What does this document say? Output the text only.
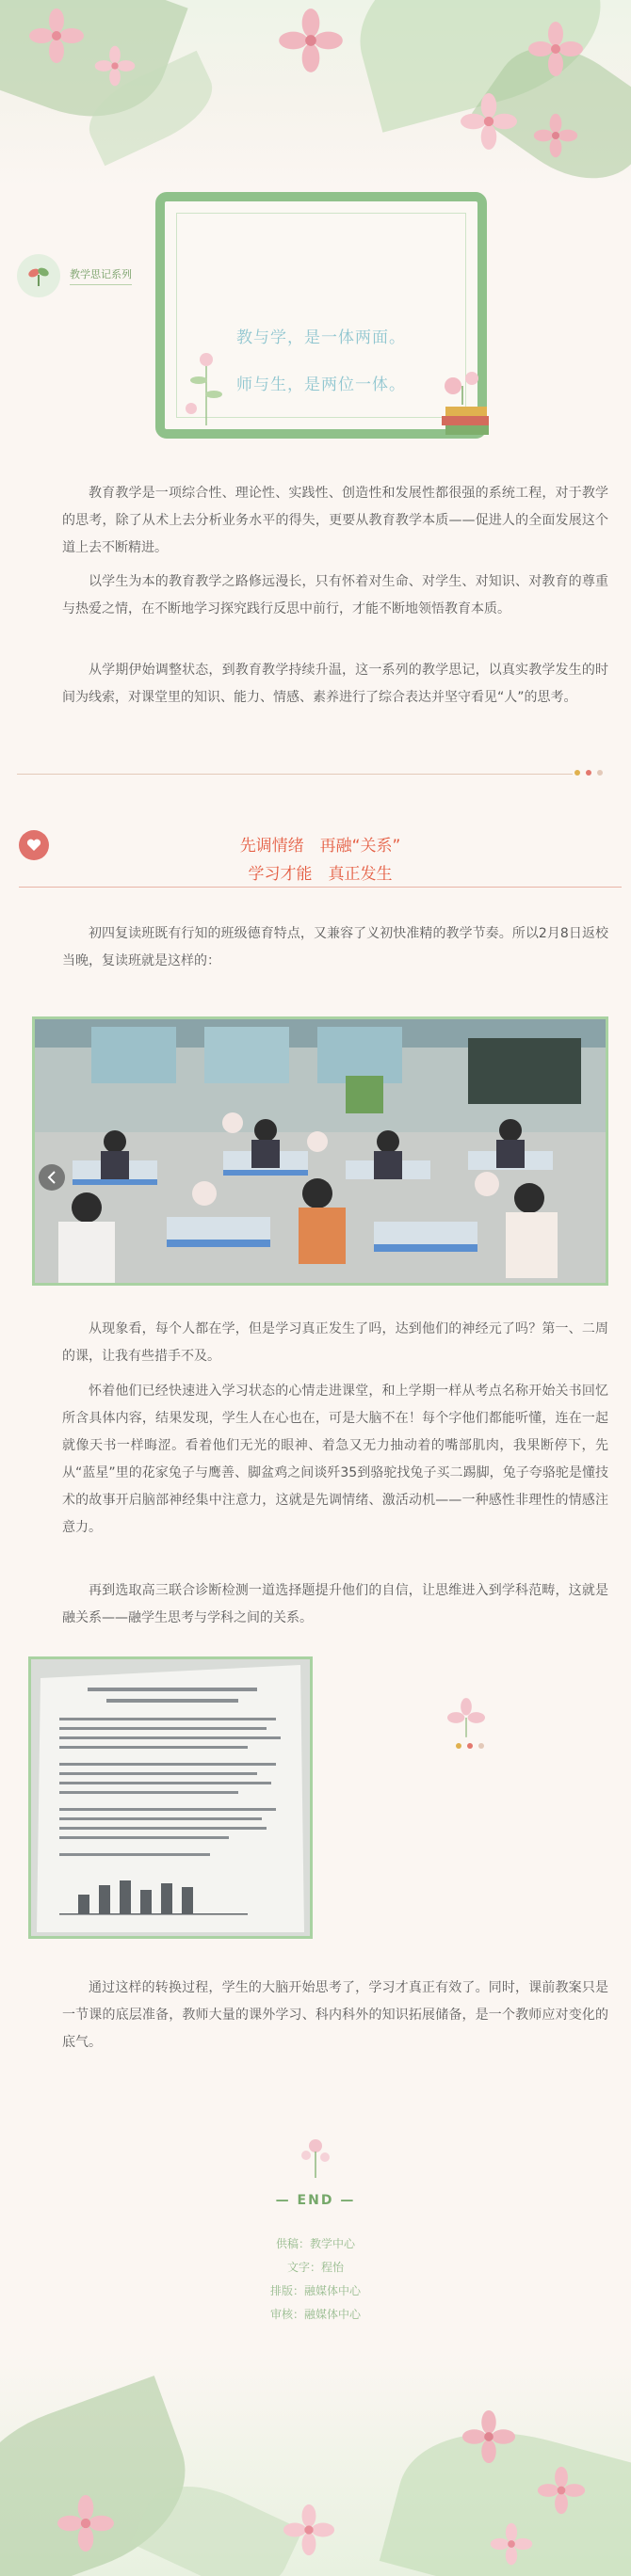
教学思记系列
教与学，是一体两面。
师与生，是两位一体。

教育教学是一项综合性、理论性、实践性、创造性和发展性都很强的系统工程，对于教学的思考，除了从术上去分析业务水平的得失，更要从教育教学本质——促进人的全面发展这个道上去不断精进。

以学生为本的教育教学之路修远漫长，只有怀着对生命、对学生、对知识、对教育的尊重与热爱之情，在不断地学习探究践行反思中前行，才能不断地领悟教育本质。

从学期伊始调整状态，到教育教学持续升温，这一系列的教学思记，以真实教学发生的时间为线索，对课堂里的知识、能力、情感、素养进行了综合表达并坚守看见“人”的思考。

先调情绪　再融“关系”
学习才能　真正发生

初四复读班既有行知的班级德育特点，又兼容了义初快准精的教学节奏。所以2月8日返校当晚，复读班就是这样的：

从现象看，每个人都在学，但是学习真正发生了吗，达到他们的神经元了吗？第一、二周的课，让我有些措手不及。

怀着他们已经快速进入学习状态的心情走进课堂，和上学期一样从考点名称开始关书回忆所含具体内容，结果发现，学生人在心也在，可是大脑不在！每个字他们都能听懂，连在一起就像天书一样晦涩。看着他们无光的眼神、着急又无力抽动着的嘴部肌肉，我果断停下，先从“蓝星”里的花家兔子与鹰善、脚盆鸡之间谈歼35到骆驼找兔子买二踢脚，兔子夸骆驼是懂技术的故事开启脑部神经集中注意力，这就是先调情绪、激活动机——一种感性非理性的情感注意力。

再到选取高三联合诊断检测一道选择题提升他们的自信，让思维进入到学科范畴，这就是融关系——融学生思考与学科之间的关系。

通过这样的转换过程，学生的大脑开始思考了，学习才真正有效了。同时，课前教案只是一节课的底层准备，教师大量的课外学习、科内科外的知识拓展储备，是一个教师应对变化的底气。

— END —
供稿：教学中心
文字：程怡
排版：融媒体中心
审核：融媒体中心
